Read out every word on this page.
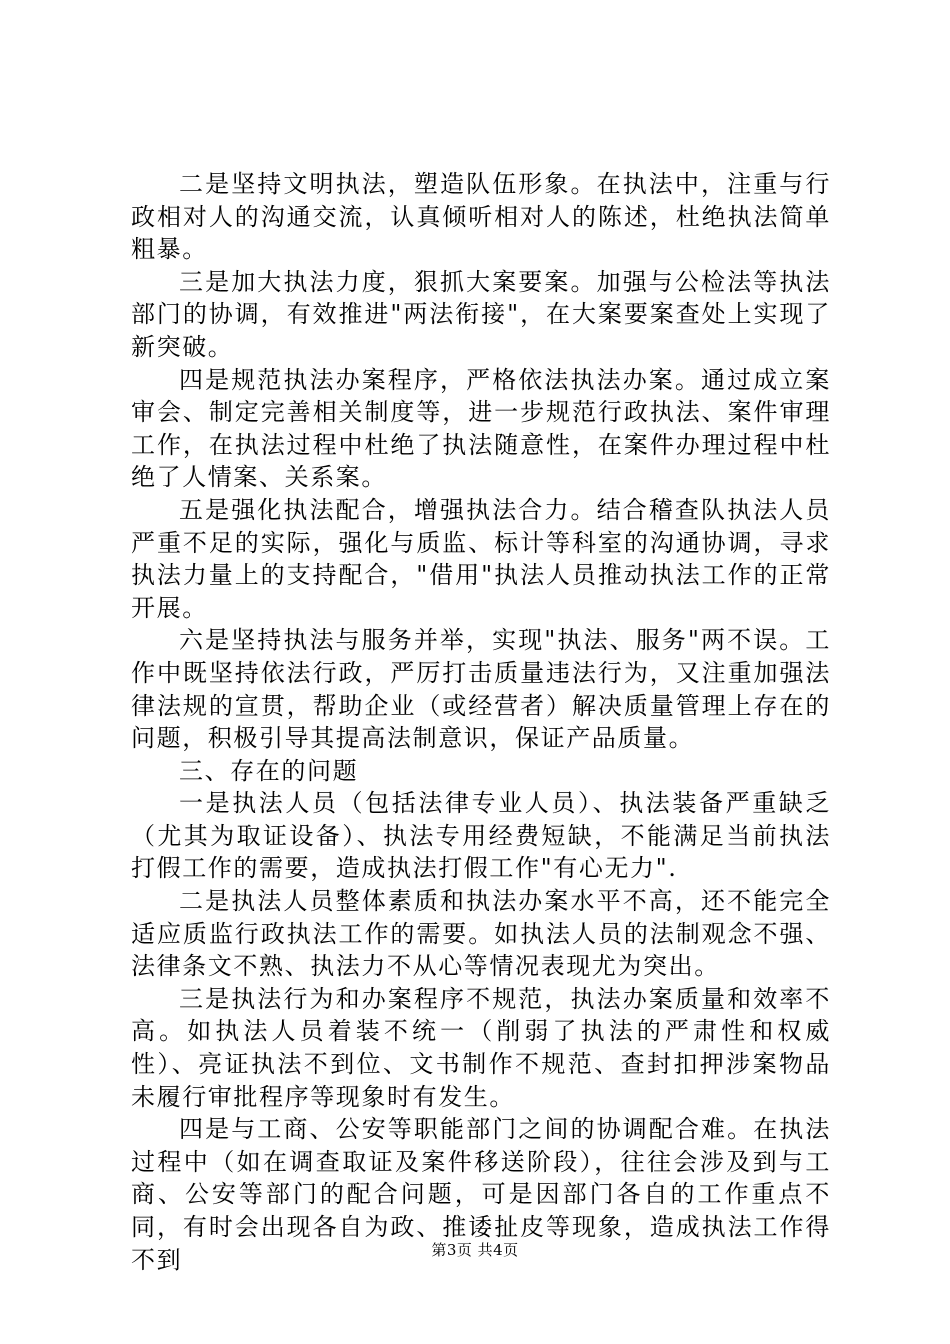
二是坚持文明执法，塑造队伍形象。在执法中，注重与行政相对人的沟通交流，认真倾听相对人的陈述，杜绝执法简单粗暴。

三是加大执法力度，狠抓大案要案。加强与公检法等执法部门的协调，有效推进"两法衔接"，在大案要案查处上实现了新突破。

四是规范执法办案程序，严格依法执法办案。通过成立案审会、制定完善相关制度等，进一步规范行政执法、案件审理工作，在执法过程中杜绝了执法随意性，在案件办理过程中杜绝了人情案、关系案。

五是强化执法配合，增强执法合力。结合稽查队执法人员严重不足的实际，强化与质监、标计等科室的沟通协调，寻求执法力量上的支持配合，"借用"执法人员推动执法工作的正常开展。

六是坚持执法与服务并举，实现"执法、服务"两不误。工作中既坚持依法行政，严厉打击质量违法行为，又注重加强法律法规的宣贯，帮助企业（或经营者）解决质量管理上存在的问题，积极引导其提高法制意识，保证产品质量。

三、存在的问题

一是执法人员（包括法律专业人员）、执法装备严重缺乏（尤其为取证设备）、执法专用经费短缺，不能满足当前执法打假工作的需要，造成执法打假工作"有心无力".

二是执法人员整体素质和执法办案水平不高，还不能完全适应质监行政执法工作的需要。如执法人员的法制观念不强、法律条文不熟、执法力不从心等情况表现尤为突出。

三是执法行为和办案程序不规范，执法办案质量和效率不高。如执法人员着装不统一（削弱了执法的严肃性和权威性）、亮证执法不到位、文书制作不规范、查封扣押涉案物品未履行审批程序等现象时有发生。

四是与工商、公安等职能部门之间的协调配合难。在执法过程中（如在调查取证及案件移送阶段），往往会涉及到与工商、公安等部门的配合问题，可是因部门各自的工作重点不同，有时会出现各自为政、推诿扯皮等现象，造成执法工作得不到	第3页 共4页
